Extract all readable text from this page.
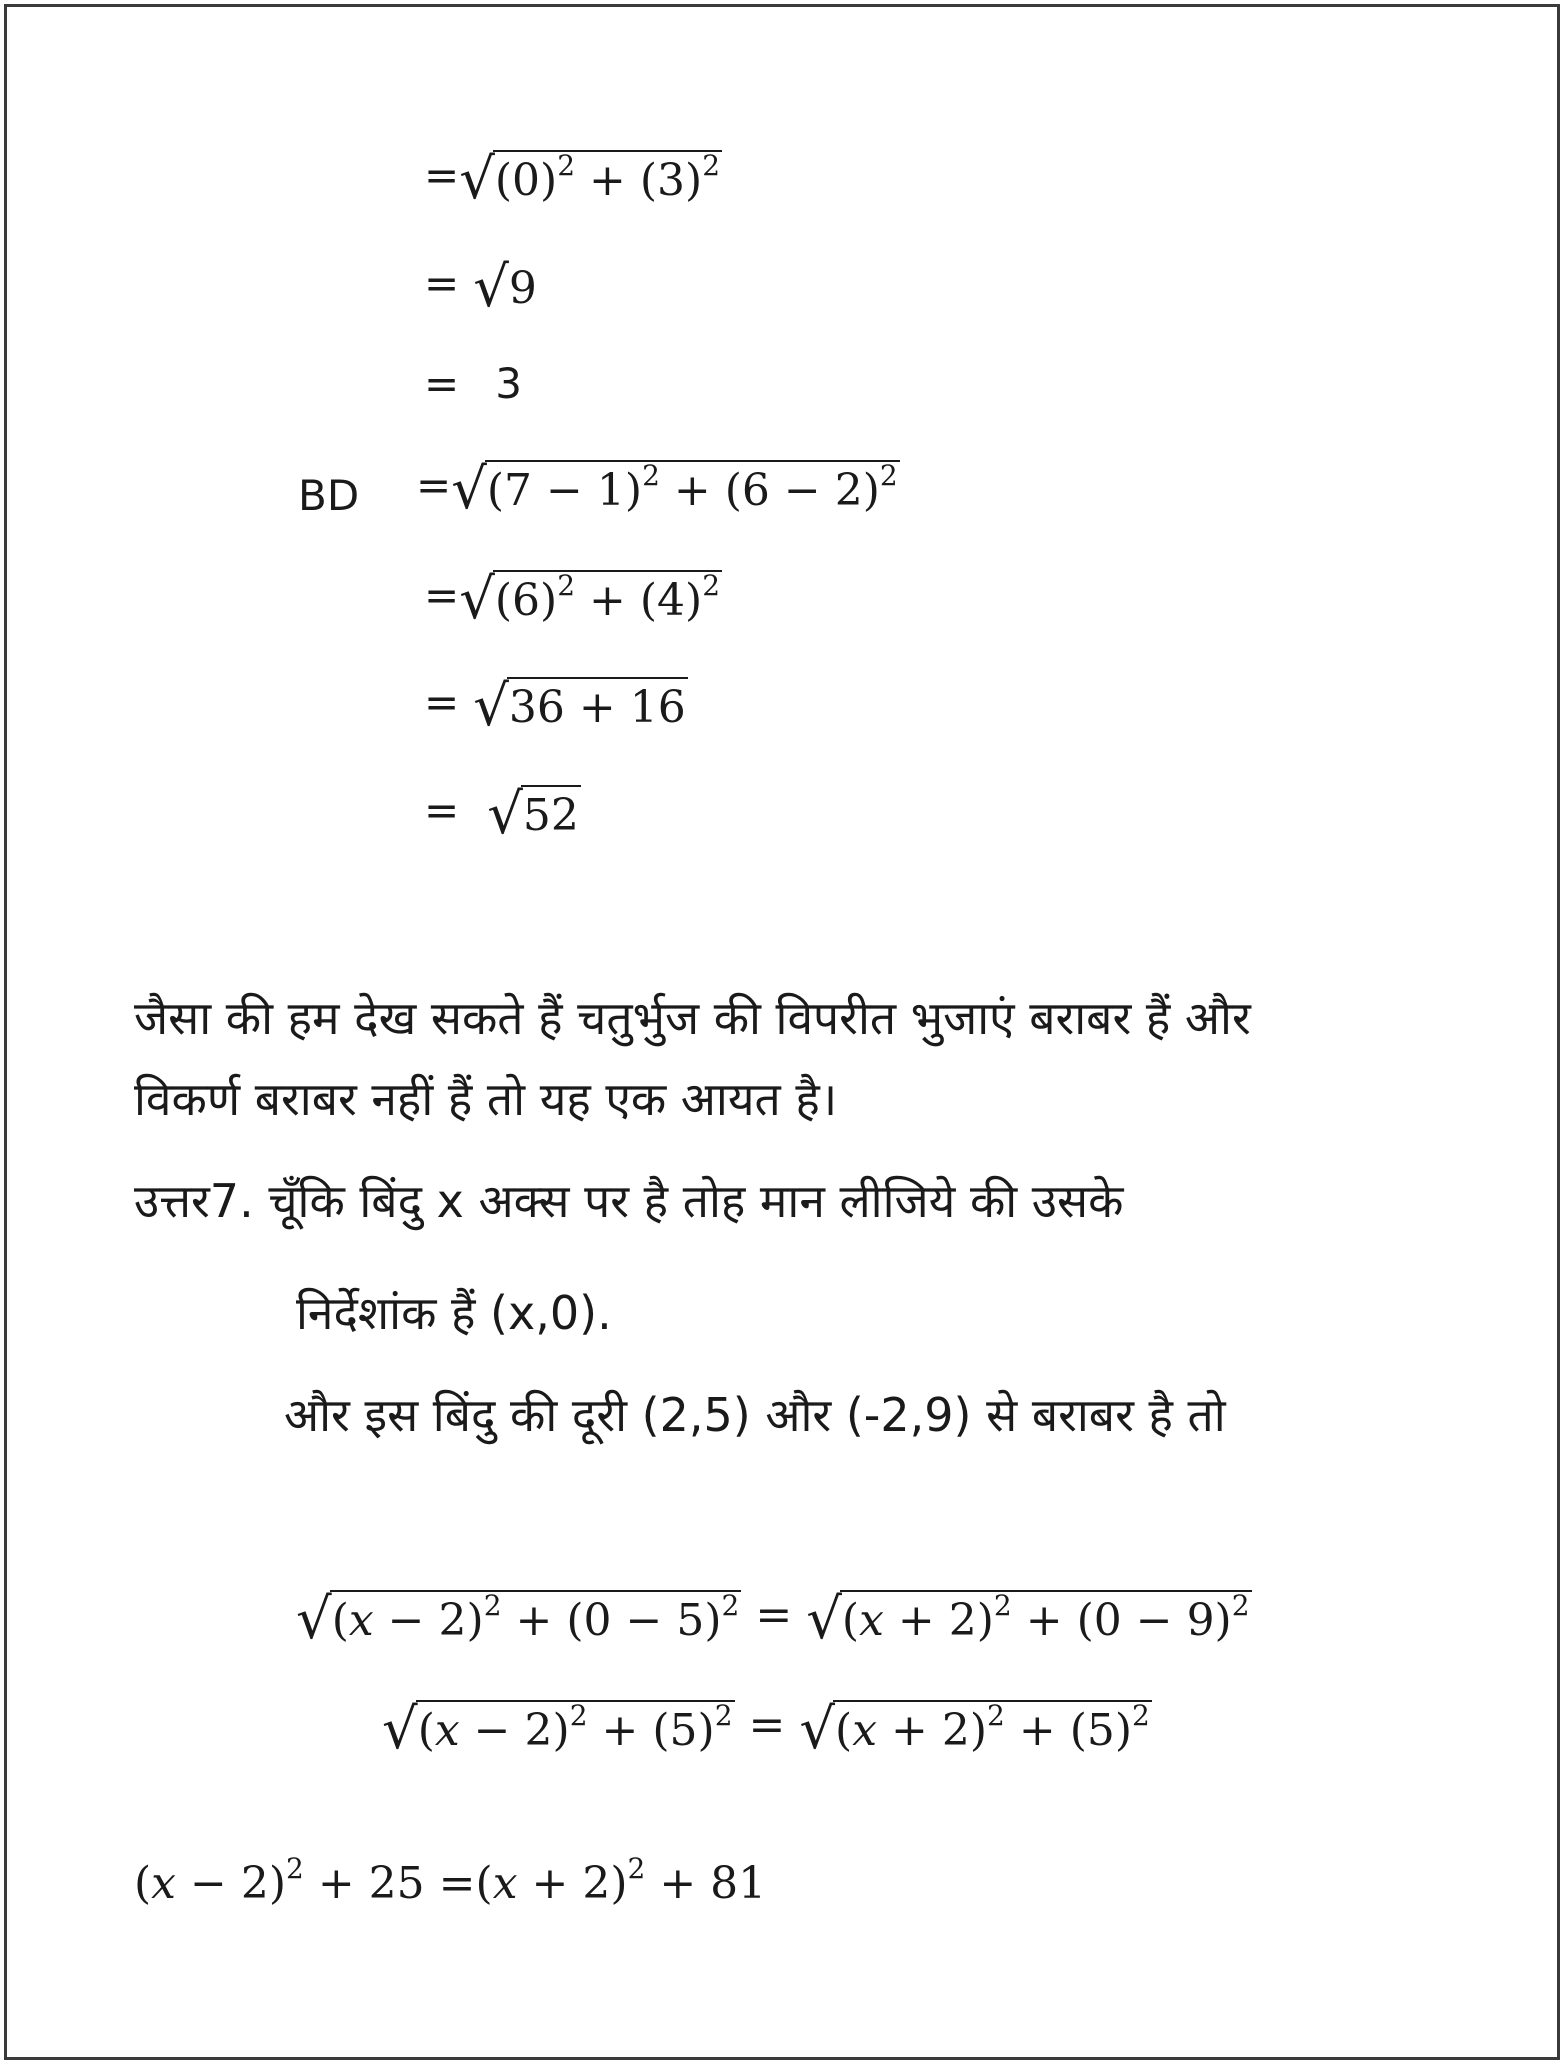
= √ $(0)^2 + (3)^2$
= √ 9
= 3
BD = √ $(7 - 1)^2 + (6 - 2)^2$
= √ $(6)^2 + (4)^2$
= √ 36 + 16
= √ 52
जैसा की हम देख सकते हैं चतुर्भुज की विपरीत भुजाएं बराबर हैं और
विकर्ण बराबर नहीं हैं तो यह एक आयत है।
उत्तर7. चूँकि बिंदु x अक्स पर है तोह मान लीजिये की उसके
निर्देशांक हैं (x,0).
और इस बिंदु की दूरी (2,5) और (-2,9) से बराबर है तो
√ $(x - 2)^2 + (0 - 5)^2$ = √ $(x + 2)^2 + (0 - 9)^2$
√ $(x - 2)^2 + (5)^2$ = √ $(x + 2)^2 + (5)^2$

$(x - 2)^2 + 25 =(x + 2)^2 + 81$
